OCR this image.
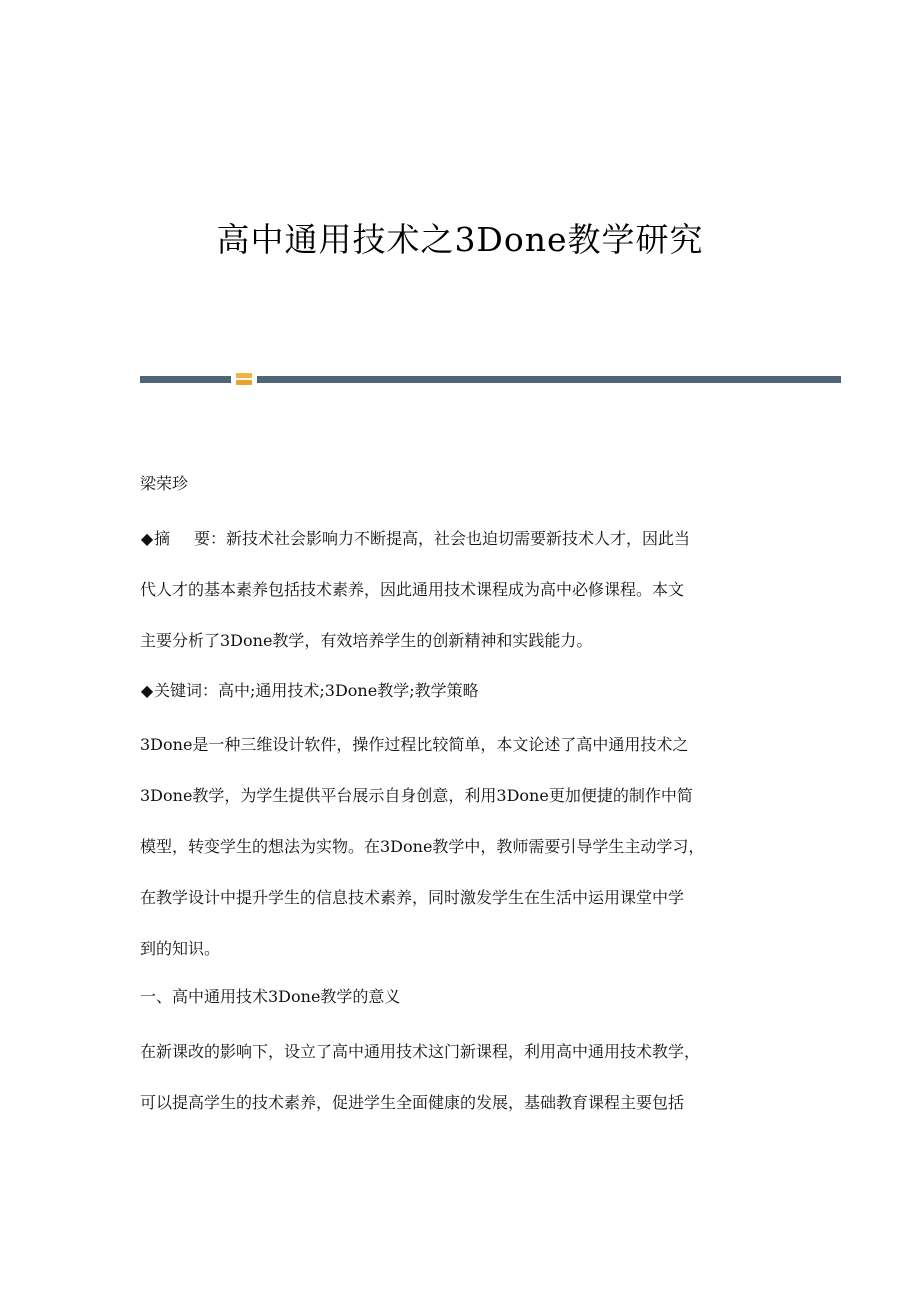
高中通用技术之3Done教学研究
梁荣珍
◆摘 要：新技术社会影响力不断提高，社会也迫切需要新技术人才，因此当
代人才的基本素养包括技术素养，因此通用技术课程成为高中必修课程。本文
主要分析了3Done教学，有效培养学生的创新精神和实践能力。
◆关键词：高中;通用技术;3Done教学;教学策略
3Done是一种三维设计软件，操作过程比较简单，本文论述了高中通用技术之
3Done教学，为学生提供平台展示自身创意，利用3Done更加便捷的制作中简
模型，转变学生的想法为实物。在3Done教学中，教师需要引导学生主动学习，
在教学设计中提升学生的信息技术素养，同时激发学生在生活中运用课堂中学
到的知识。
一、高中通用技术3Done教学的意义
在新课改的影响下，设立了高中通用技术这门新课程，利用高中通用技术教学，
可以提高学生的技术素养，促进学生全面健康的发展，基础教育课程主要包括
